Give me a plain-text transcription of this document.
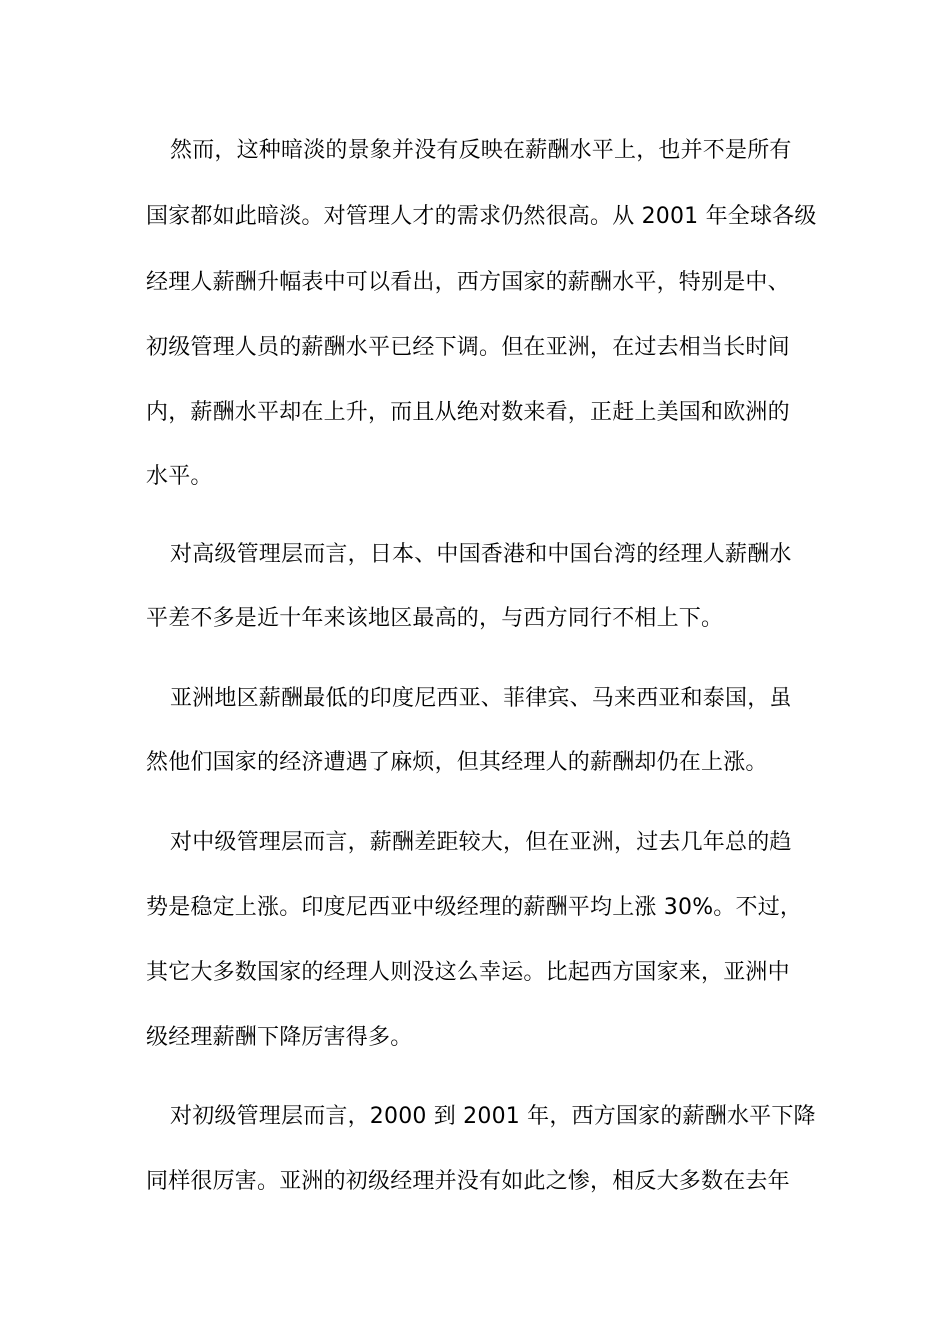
然而，这种暗淡的景象并没有反映在薪酬水平上，也并不是所有
国家都如此暗淡。对管理人才的需求仍然很高。从 2001 年全球各级
经理人薪酬升幅表中可以看出，西方国家的薪酬水平，特别是中、
初级管理人员的薪酬水平已经下调。但在亚洲，在过去相当长时间
内，薪酬水平却在上升，而且从绝对数来看，正赶上美国和欧洲的
水平。
对高级管理层而言，日本、中国香港和中国台湾的经理人薪酬水
平差不多是近十年来该地区最高的，与西方同行不相上下。
亚洲地区薪酬最低的印度尼西亚、菲律宾、马来西亚和泰国，虽
然他们国家的经济遭遇了麻烦，但其经理人的薪酬却仍在上涨。
对中级管理层而言，薪酬差距较大，但在亚洲，过去几年总的趋
势是稳定上涨。印度尼西亚中级经理的薪酬平均上涨 30%。不过，
其它大多数国家的经理人则没这么幸运。比起西方国家来，亚洲中
级经理薪酬下降厉害得多。
对初级管理层而言，2000 到 2001 年，西方国家的薪酬水平下降
同样很厉害。亚洲的初级经理并没有如此之惨，相反大多数在去年
